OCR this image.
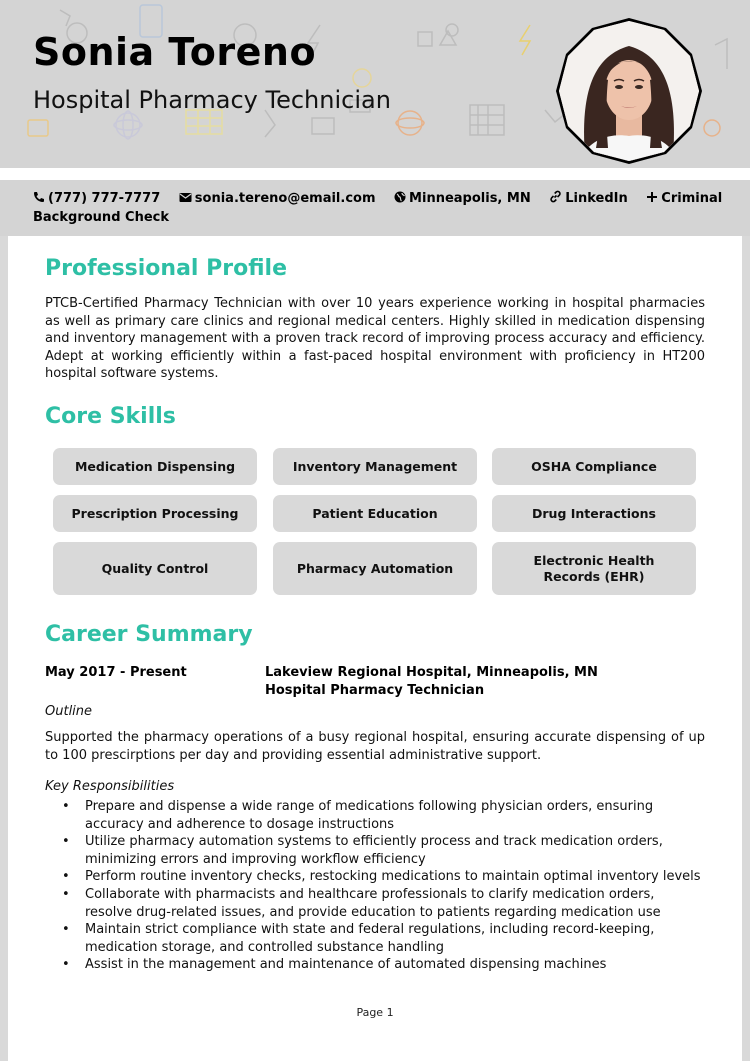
Sonia Toreno
Hospital Pharmacy Technician
(777) 777-7777	sonia.tereno@email.com	Minneapolis, MN	LinkedIn	Criminal Background Check
Professional Profile
PTCB-Certified Pharmacy Technician with over 10 years experience working in hospital pharmacies as well as primary care clinics and regional medical centers. Highly skilled in medication dispensing and inventory management with a proven track record of improving process accuracy and efficiency. Adept at working efficiently within a fast-paced hospital environment with proficiency in HT200 hospital software systems.
Core Skills
Medication Dispensing	Inventory Management	OSHA Compliance
Prescription Processing	Patient Education	Drug Interactions
Quality Control	Pharmacy Automation
Electronic Health Records (EHR)
Career Summary
May 2017 - Present	Lakeview Regional Hospital, Minneapolis, MN
Hospital Pharmacy Technician
Outline
Supported the pharmacy operations of a busy regional hospital, ensuring accurate dispensing of up to 100 prescirptions per day and providing essential administrative support.
Key Responsibilities
• Prepare and dispense a wide range of medications following physician orders, ensuring accuracy and adherence to dosage instructions
• Utilize pharmacy automation systems to efficiently process and track medication orders, minimizing errors and improving workflow efficiency
• Perform routine inventory checks, restocking medications to maintain optimal inventory levels
• Collaborate with pharmacists and healthcare professionals to clarify medication orders, resolve drug-related issues, and provide education to patients regarding medication use
• Maintain strict compliance with state and federal regulations, including record-keeping, medication storage, and controlled substance handling
• Assist in the management and maintenance of automated dispensing machines
Page 1
